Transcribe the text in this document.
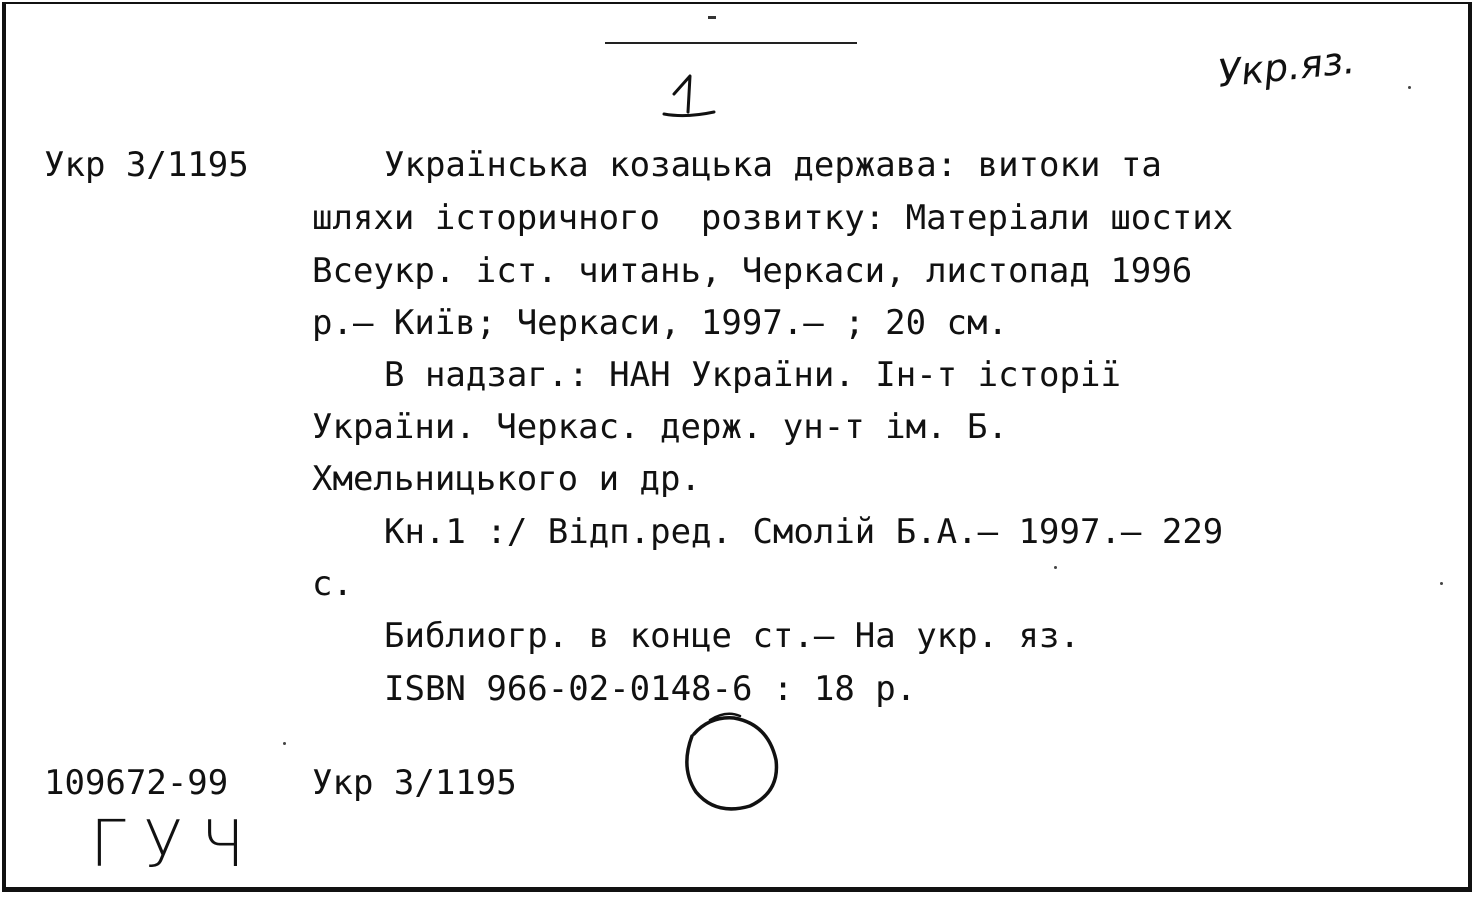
Укр.яз.
Укр 3/1195	Українська козацька держава: витоки та
шляхи історичного  розвитку: Матеріали шостих
Всеукр. іст. читань, Черкаси, листопад 1996
р.– Київ; Черкаси, 1997.– ; 20 см.
В надзаг.: НАН України. Ін-т історії
України. Черкас. держ. ун-т ім. Б.
Хмельницького и др.
Кн.1 :/ Відп.ред. Смолій Б.А.– 1997.– 229
с.
Библиогр. в конце ст.– На укр. яз.
ISBN 966-02-0148-6 : 18 р.
109672-99 Укр 3/1195
ГУЧ
